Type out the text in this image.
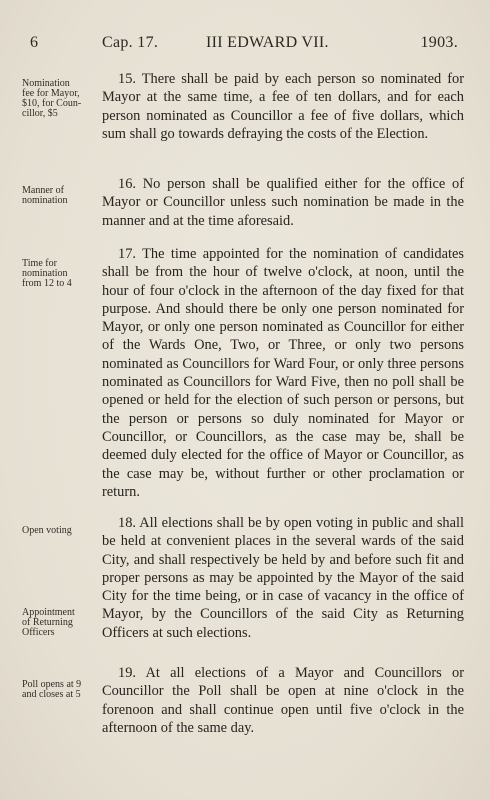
6	Cap. 17.	III EDWARD VII.	1903.
Nomination
fee for Mayor,
$10, for Coun-
cillor, $5
15. There shall be paid by each person so nominated for Mayor at the same time, a fee of ten dollars, and for each person nominated as Councillor a fee of five dollars, which sum shall go towards defraying the costs of the Election.
Manner of
nomination
16. No person shall be qualified either for the office of Mayor or Councillor unless such nomination be made in the manner and at the time aforesaid.
Time for
nomination
from 12 to 4
17. The time appointed for the nomination of candidates shall be from the hour of twelve o'clock, at noon, until the hour of four o'clock in the afternoon of the day fixed for that purpose. And should there be only one person nominated for Mayor, or only one person nominated as Councillor for either of the Wards One, Two, or Three, or only two persons nominated as Councillors for Ward Four, or only three persons nominated as Councillors for Ward Five, then no poll shall be opened or held for the election of such person or persons, but the person or persons so duly nominated for Mayor or Councillor, or Councillors, as the case may be, shall be deemed duly elected for the office of Mayor or Councillor, as the case may be, without further or other proclamation or return.
Open voting	18. All elections shall be by open voting in public and shall be held at convenient places in the several wards of the said City, and shall respectively be held by and before such fit and proper persons as may be appointed by the Mayor of the said City for the time being, or in case of vacancy in the office of Mayor, by the Councillors of the said City as Returning Officers at such elections.
Appointment
of Returning
Officers
Poll opens at 9
and closes at 5
19. At all elections of a Mayor and Councillors or Councillor the Poll shall be open at nine o'clock in the forenoon and shall continue open until five o'clock in the afternoon of the same day.
